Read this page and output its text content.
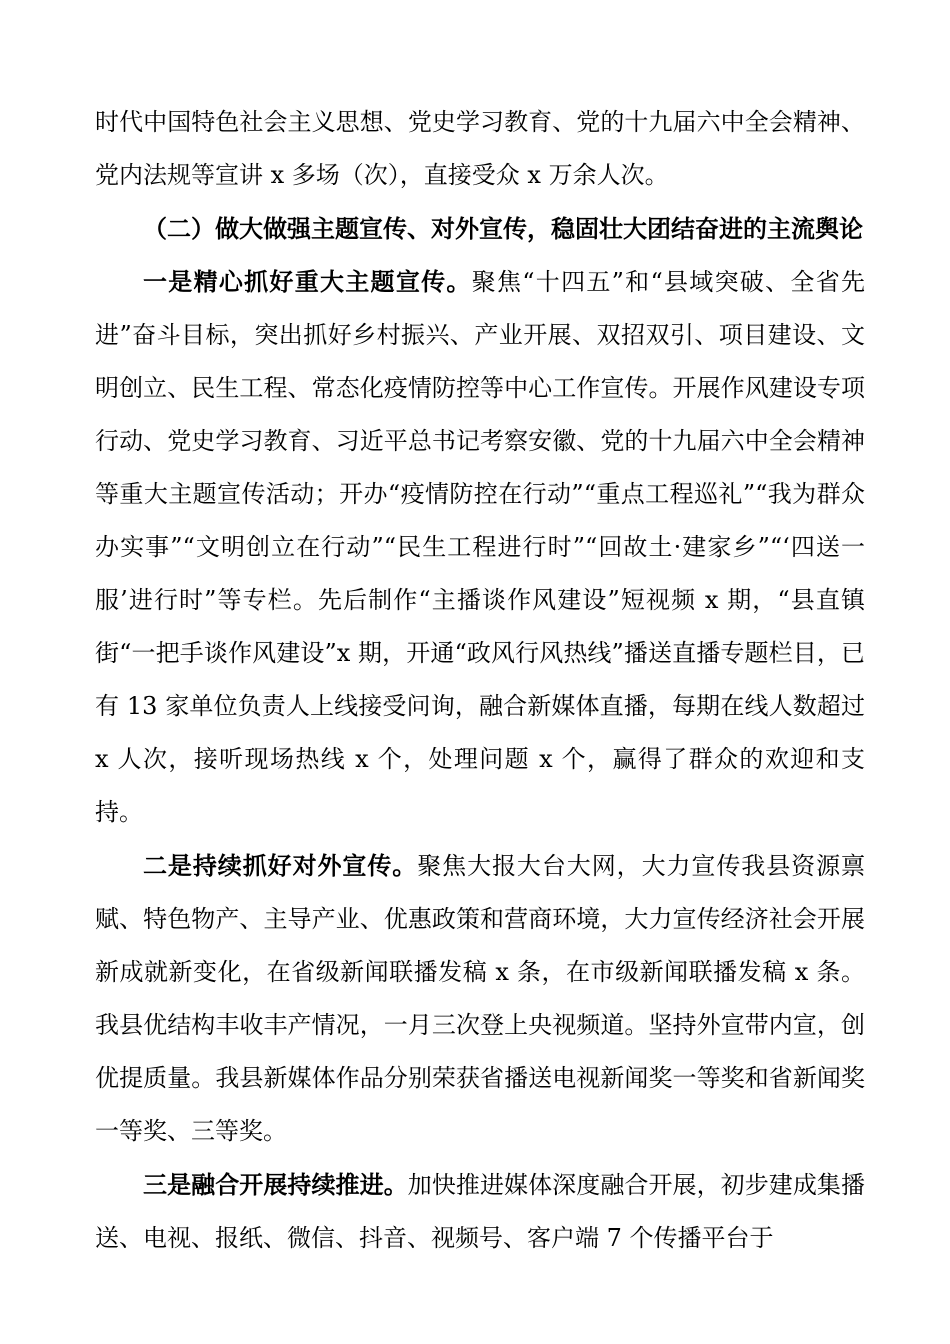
时代中国特色社会主义思想、党史学习教育、党的十九届六中全会精神、党内法规等宣讲 x 多场（次），直接受众 x 万余人次。

（二）做大做强主题宣传、对外宣传，稳固壮大团结奋进的主流舆论

一是精心抓好重大主题宣传。聚焦“十四五”和“县域突破、全省先进”奋斗目标，突出抓好乡村振兴、产业开展、双招双引、项目建设、文明创立、民生工程、常态化疫情防控等中心工作宣传。开展作风建设专项行动、党史学习教育、习近平总书记考察安徽、党的十九届六中全会精神等重大主题宣传活动；开办“疫情防控在行动”“重点工程巡礼”“我为群众办实事”“文明创立在行动”“民生工程进行时”“回故土·建家乡”“‘四送一服’进行时”等专栏。先后制作“主播谈作风建设”短视频 x 期，“县直镇街“一把手谈作风建设”x 期，开通“政风行风热线”播送直播专题栏目，已有 13 家单位负责人上线接受问询，融合新媒体直播，每期在线人数超过 x 人次，接听现场热线 x 个，处理问题 x 个，赢得了群众的欢迎和支持。

二是持续抓好对外宣传。聚焦大报大台大网，大力宣传我县资源禀赋、特色物产、主导产业、优惠政策和营商环境，大力宣传经济社会开展新成就新变化，在省级新闻联播发稿 x 条，在市级新闻联播发稿 x 条。我县优结构丰收丰产情况，一月三次登上央视频道。坚持外宣带内宣，创优提质量。我县新媒体作品分别荣获省播送电视新闻奖一等奖和省新闻奖一等奖、三等奖。

三是融合开展持续推进。加快推进媒体深度融合开展，初步建成集播送、电视、报纸、微信、抖音、视频号、客户端 7 个传播平台于
